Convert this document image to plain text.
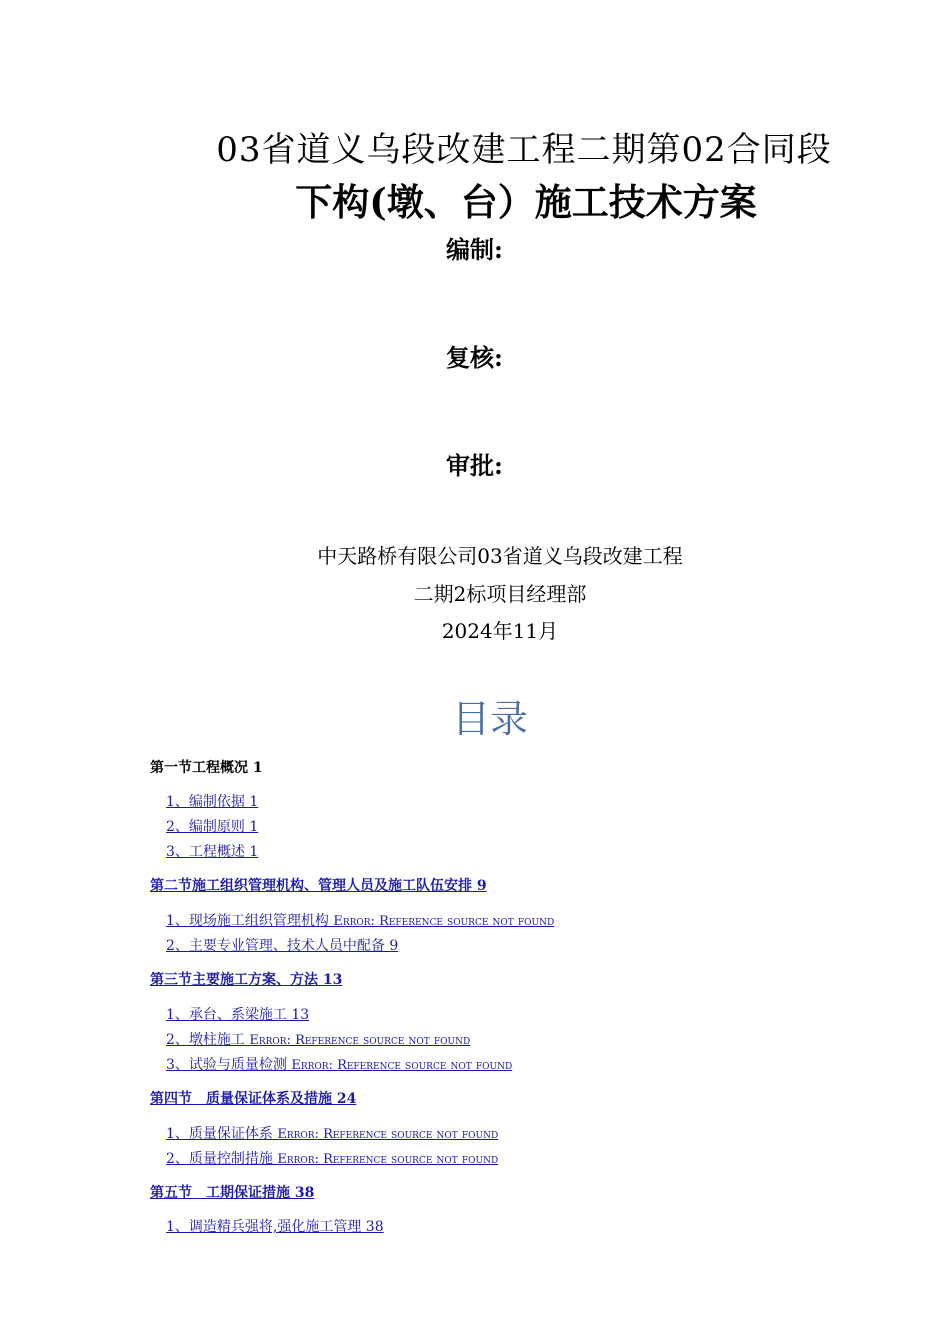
03省道义乌段改建工程二期第02合同段
下构(墩、台）施工技术方案
编制:
复核:
审批:
中天路桥有限公司03省道义乌段改建工程
二期2标项目经理部
2024年11月
目录
第一节工程概况 1
1、编制依据 1
2、编制原则 1
3、工程概述 1
第二节施工组织管理机构、管理人员及施工队伍安排 9
1、现场施工组织管理机构 Error: Reference source not found
2、主要专业管理、技术人员中配备 9
第三节主要施工方案、方法 13
1、承台、系梁施工 13
2、墩柱施工 Error: Reference source not found
3、试验与质量检测 Error: Reference source not found
第四节　质量保证体系及措施 24
1、质量保证体系 Error: Reference source not found
2、质量控制措施 Error: Reference source not found
第五节　工期保证措施 38
1、调造精兵强将,强化施工管理 38
